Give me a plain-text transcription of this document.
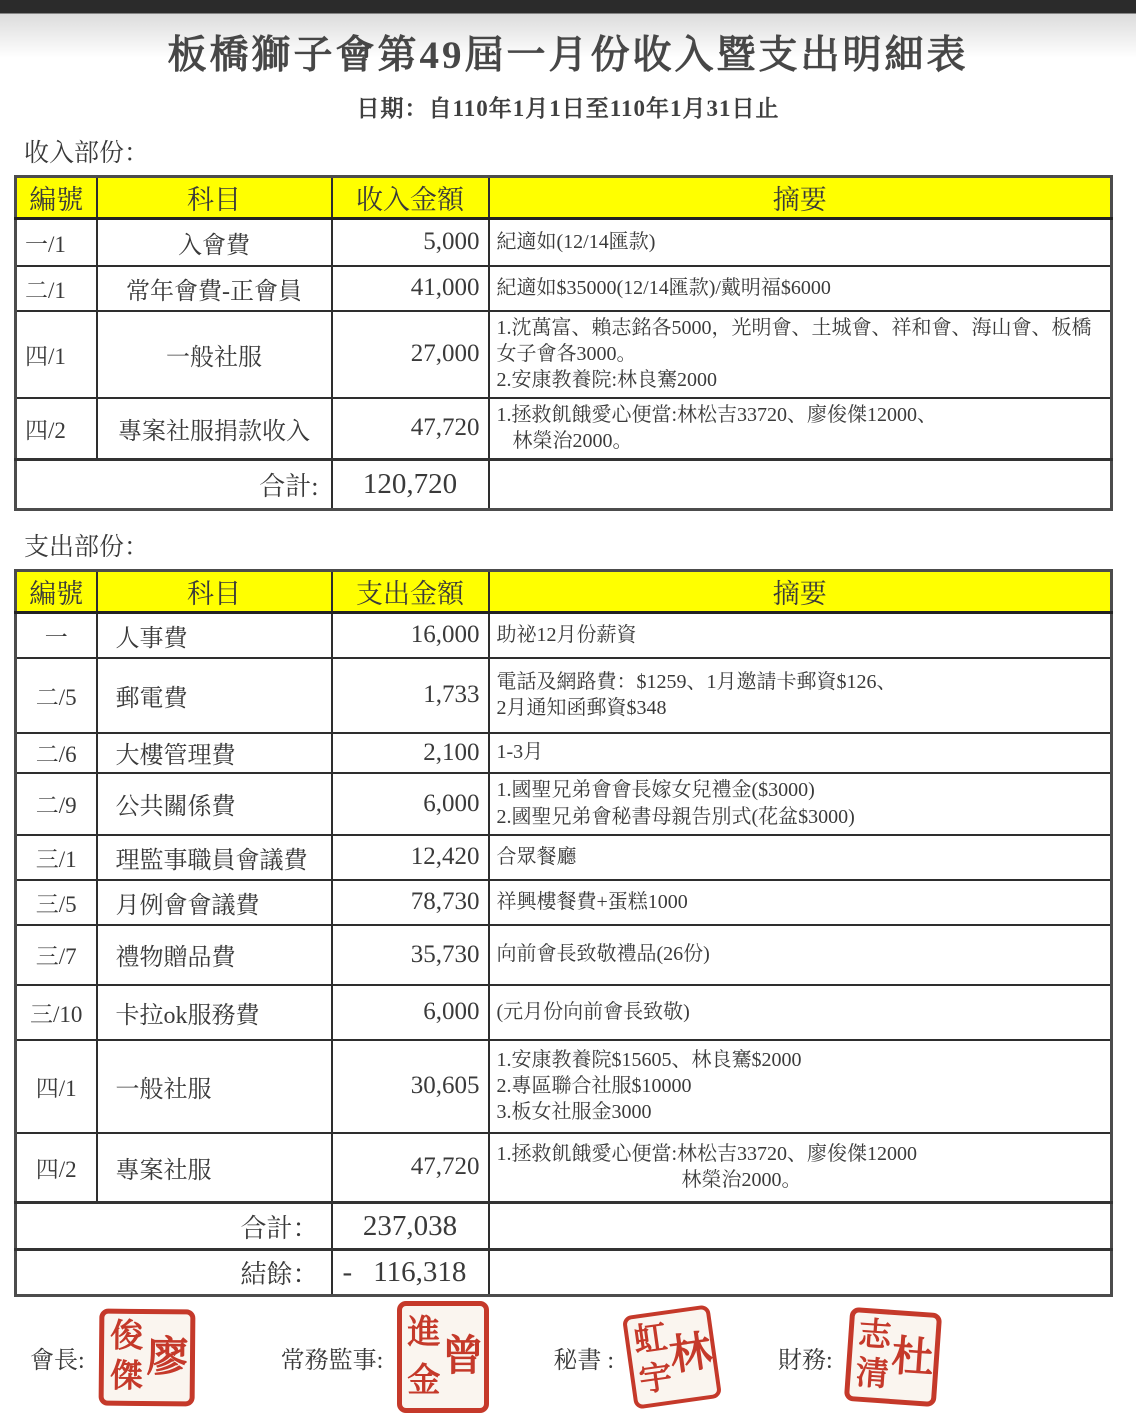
板橋獅子會第49屆一月份收入暨支出明細表
日期：自110年1月1日至110年1月31日止
收入部份：
編號	科目	收入金額	摘要
一/1	入會費	5,000	紀適如(12/14匯款)

二/1	常年會費-正會員	41,000	紀適如$35000(12/14匯款)/戴明福$6000

四/1	一般社服	27,000	1.沈萬富、賴志銘各5000，光明會、土城會、祥和會、海山會、板橋女子會各3000。
2.安康教養院:林良騫2000

四/2	專案社服捐款收入	47,720	1.拯救飢餓愛心便當:林松吉33720、廖俊傑12000、
林榮治2000。

合計:		120,720	
支出部份：
編號	科目	支出金額	摘要
一	人事費	16,000	助祕12月份薪資

二/5	郵電費	1,733	電話及網路費：$1259、1月邀請卡郵資$126、
2月通知函郵資$348

二/6	大樓管理費	2,100	1-3月

二/9	公共關係費	6,000	1.國聖兄弟會會長嫁女兒禮金($3000)
2.國聖兄弟會秘書母親告別式(花盆$3000)

三/1	理監事職員會議費	12,420	合眾餐廳

三/5	月例會會議費	78,730	祥興樓餐費+蛋糕1000

三/7	禮物贈品費	35,730	向前會長致敬禮品(26份)

三/10	卡拉ok服務費	6,000	(元月份向前會長致敬)

四/1	一般社服	30,605	1.安康教養院$15605、林良騫$2000
2.專區聯合社服$10000
3.板女社服金3000

四/2	專案社服	47,720	1.拯救飢餓愛心便當:林松吉33720、廖俊傑12000
林榮治2000。

合計：		237,038	
結餘：		- 116,318	

會長:
俊
傑 廖	常務監事:
進
金
曾	秘書 :
虹
宇
林	財務:
志
清 杜
